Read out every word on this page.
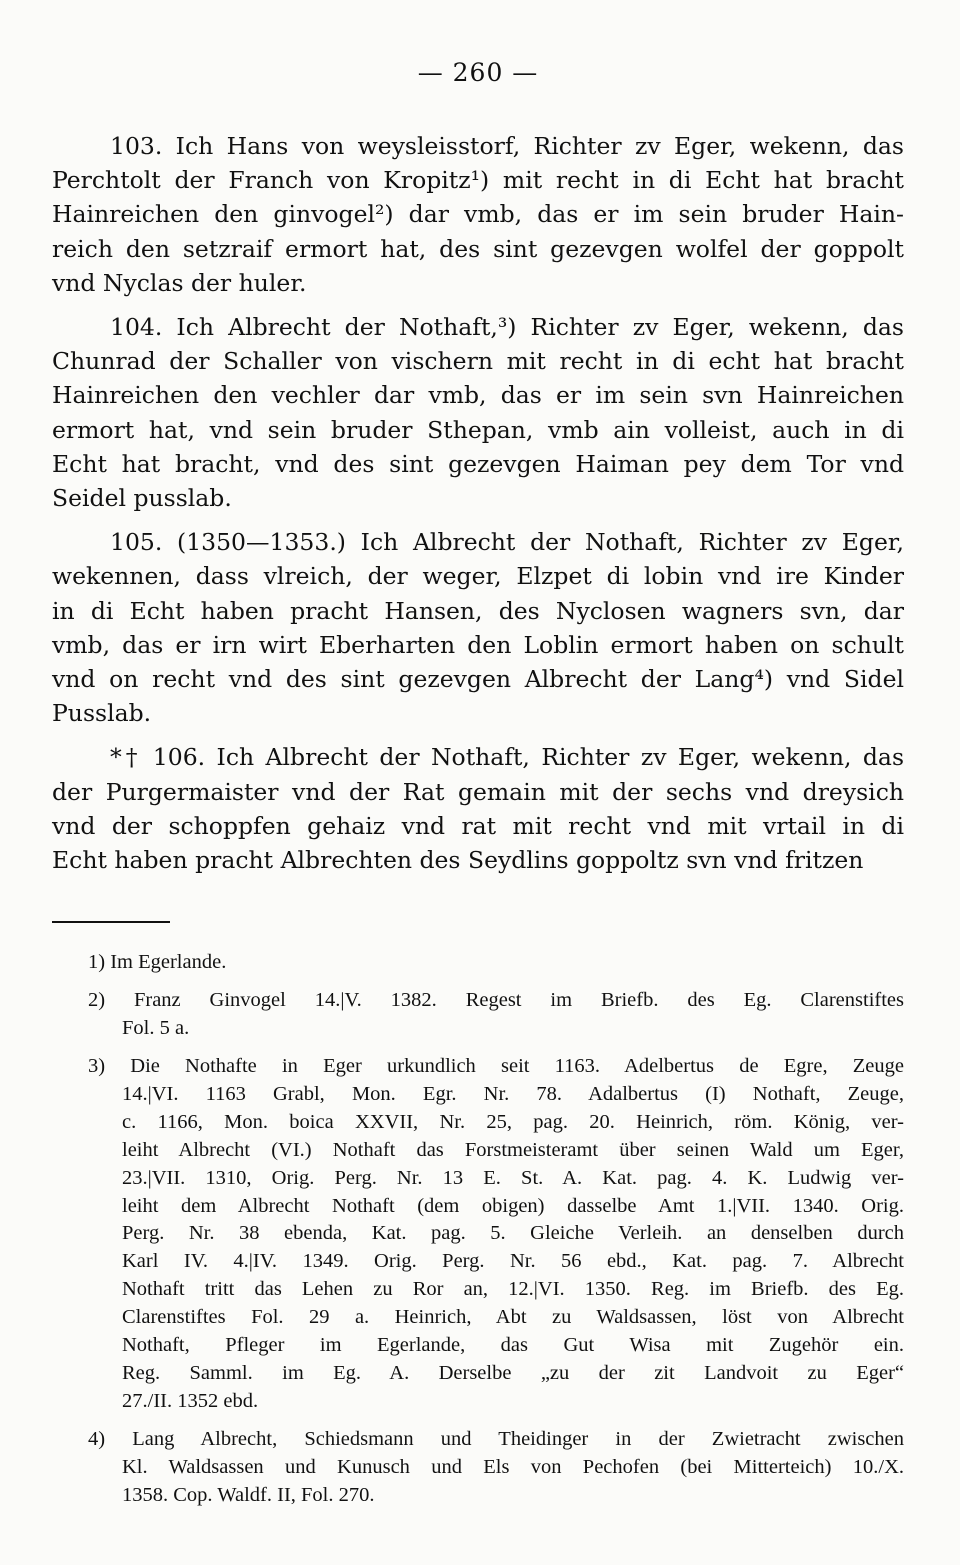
— 260 —
103. Ich Hans von weysleisstorf, Richter zv Eger, wekenn, das
Perchtolt der Franch von Kropitz¹) mit recht in di Echt hat bracht
Hainreichen den ginvogel²) dar vmb, das er im sein bruder Hain-
reich den setzraif ermort hat, des sint gezevgen wolfel der goppolt
vnd Nyclas der huler.
104. Ich Albrecht der Nothaft,³) Richter zv Eger, wekenn, das
Chunrad der Schaller von vischern mit recht in di echt hat bracht
Hainreichen den vechler dar vmb, das er im sein svn Hainreichen
ermort hat, vnd sein bruder Sthepan, vmb ain volleist, auch in di
Echt hat bracht, vnd des sint gezevgen Haiman pey dem Tor vnd
Seidel pusslab.
105. (1350—1353.) Ich Albrecht der Nothaft, Richter zv Eger,
wekennen, dass vlreich, der weger, Elzpet di lobin vnd ire Kinder
in di Echt haben pracht Hansen, des Nyclosen wagners svn, dar
vmb, das er irn wirt Eberharten den Loblin ermort haben on schult
vnd on recht vnd des sint gezevgen Albrecht der Lang⁴) vnd Sidel
Pusslab.
*† 106. Ich Albrecht der Nothaft, Richter zv Eger, wekenn, das
der Purgermaister vnd der Rat gemain mit der sechs vnd dreysich
vnd der schoppfen gehaiz vnd rat mit recht vnd mit vrtail in di
Echt haben pracht Albrechten des Seydlins goppoltz svn vnd fritzen
1) Im Egerlande.
2) Franz Ginvogel 14.|V. 1382. Regest im Briefb. des Eg. Clarenstiftes
Fol. 5 a.
3) Die Nothafte in Eger urkundlich seit 1163. Adelbertus de Egre, Zeuge
14.|VI. 1163 Grabl, Mon. Egr. Nr. 78. Adalbertus (I) Nothaft, Zeuge,
c. 1166, Mon. boica XXVII, Nr. 25, pag. 20. Heinrich, röm. König, ver-
leiht Albrecht (VI.) Nothaft das Forstmeisteramt über seinen Wald um Eger,
23.|VII. 1310, Orig. Perg. Nr. 13 E. St. A. Kat. pag. 4. K. Ludwig ver-
leiht dem Albrecht Nothaft (dem obigen) dasselbe Amt 1.|VII. 1340. Orig.
Perg. Nr. 38 ebenda, Kat. pag. 5. Gleiche Verleih. an denselben durch
Karl IV. 4.|IV. 1349. Orig. Perg. Nr. 56 ebd., Kat. pag. 7. Albrecht
Nothaft tritt das Lehen zu Ror an, 12.|VI. 1350. Reg. im Briefb. des Eg.
Clarenstiftes Fol. 29 a. Heinrich, Abt zu Waldsassen, löst von Albrecht
Nothaft, Pfleger im Egerlande, das Gut Wisa mit Zugehör ein.
Reg. Samml. im Eg. A. Derselbe „zu der zit Landvoit zu Eger“
27./II. 1352 ebd.
4) Lang Albrecht, Schiedsmann und Theidinger in der Zwietracht zwischen
Kl. Waldsassen und Kunusch und Els von Pechofen (bei Mitterteich) 10./X.
1358. Cop. Waldf. II, Fol. 270.
